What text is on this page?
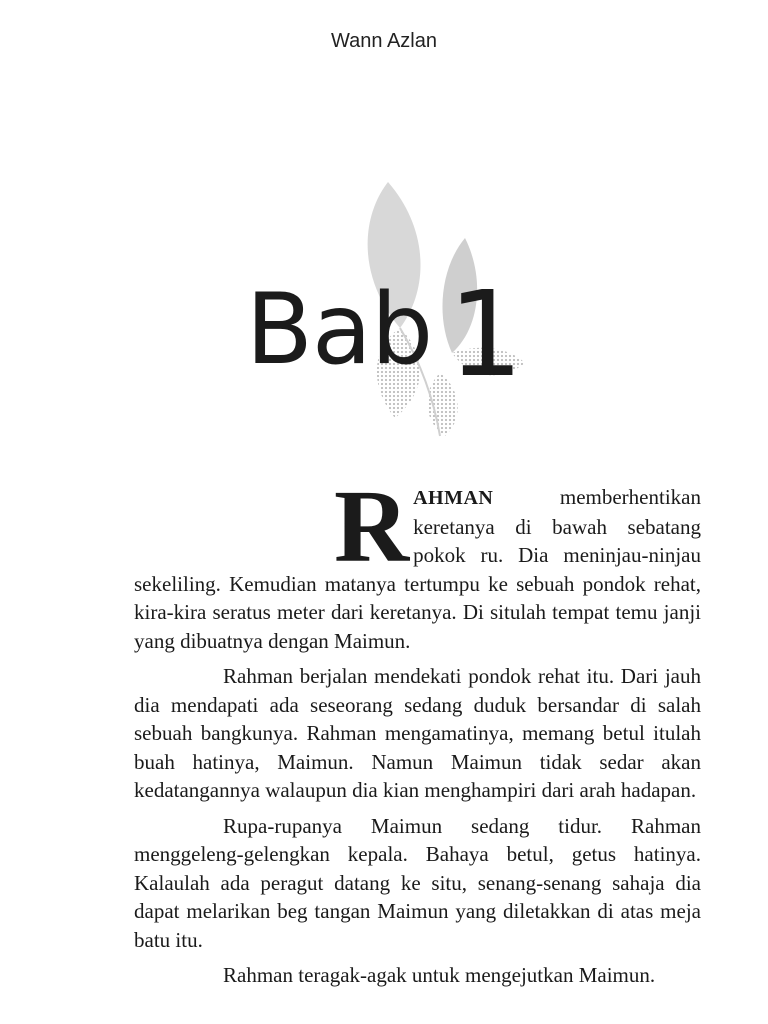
Wann Azlan
Bab 1

R AHMAN memberhentikan keretanya di bawah sebatang pokok ru. Dia meninjau-ninjau sekeliling. Kemudian matanya tertumpu ke sebuah pondok rehat, kira-kira seratus meter dari keretanya. Di situlah tempat temu janji yang dibuatnya dengan Maimun.

Rahman berjalan mendekati pondok rehat itu. Dari jauh dia mendapati ada seseorang sedang duduk bersandar di salah sebuah bangkunya. Rahman mengamatinya, memang betul itulah buah hatinya, Maimun. Namun Maimun tidak sedar akan kedatangannya walaupun dia kian menghampiri dari arah hadapan.

Rupa-rupanya Maimun sedang tidur. Rahman menggeleng-gelengkan kepala. Bahaya betul, getus hatinya. Kalaulah ada peragut datang ke situ, senang-senang sahaja dia dapat melarikan beg tangan Maimun yang diletakkan di atas meja batu itu.

Rahman teragak-agak untuk mengejutkan Maimun.
